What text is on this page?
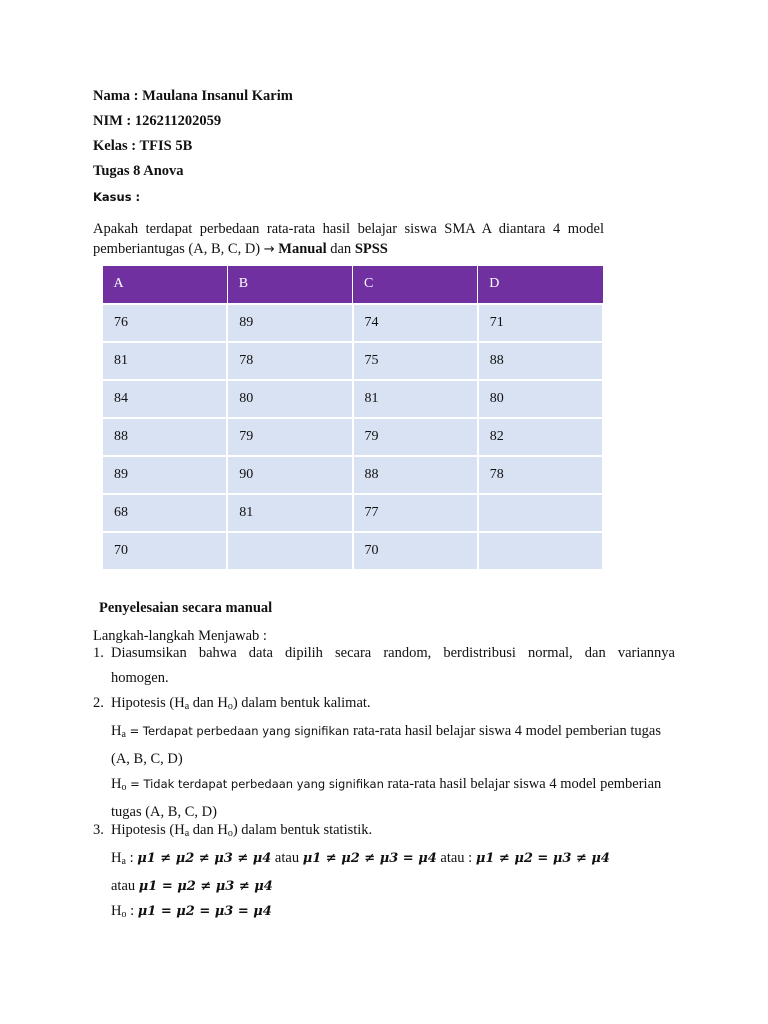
Nama : Maulana Insanul Karim
NIM : 126211202059
Kelas : TFIS 5B
Tugas 8 Anova
Kasus :
Apakah terdapat perbedaan rata-rata hasil belajar siswa SMA A diantara 4 model
pemberiantugas (A, B, C, D) → Manual dan SPSS
A	B	C	D
76	89	74	71
81	78	75	88
84	80	81	80
88	79	79	82
89	90	88	78
68	81	77	
70		70	
Penyelesaian secara manual
Langkah-langkah Menjawab :
1. Diasumsikan bahwa data dipilih secara random, berdistribusi normal, dan variannya
homogen.
2. Hipotesis ($H_a$ dan $H_o$) dalam bentuk kalimat.
$H_a$ = Terdapat perbedaan yang signifikan rata-rata hasil belajar siswa 4 model pemberian tugas
(A, B, C, D)
$H_o$ = Tidak terdapat perbedaan yang signifikan rata-rata hasil belajar siswa 4 model pemberian
tugas (A, B, C, D)
3. Hipotesis ($H_a$ dan $H_o$) dalam bentuk statistik.
$H_a$ : μ1 ≠ μ2 ≠ μ3 ≠ μ4 atau μ1 ≠ μ2 ≠ μ3 = μ4 atau : μ1 ≠ μ2 = μ3 ≠ μ4
atau μ1 = μ2 ≠ μ3 ≠ μ4
$H_o$ : μ1 = μ2 = μ3 = μ4
